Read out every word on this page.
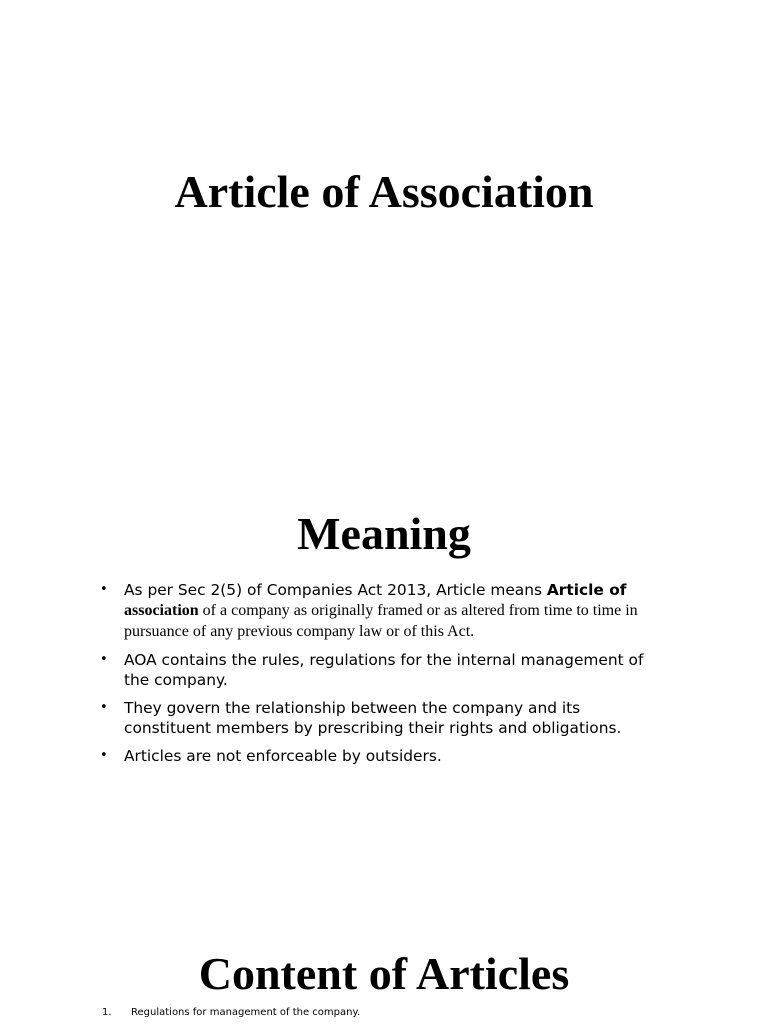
Article of Association
Meaning
• As per Sec 2(5) of Companies Act 2013, Article means Article of association of a company as originally framed or as altered from time to time in pursuance of any previous company law or of this Act.
• AOA contains the rules, regulations for the internal management of the company.
• They govern the relationship between the company and its constituent members by prescribing their rights and obligations.
• Articles are not enforceable by outsiders.
Content of Articles
1. Regulations for management of the company.
